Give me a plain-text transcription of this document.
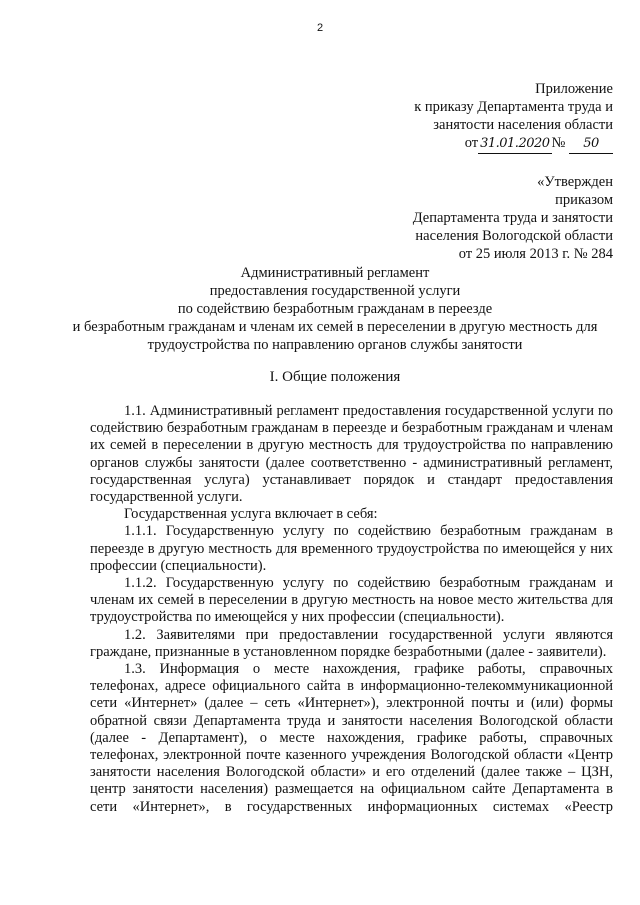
2
Приложение
к приказу Департамента труда и
занятости населения области
от 31.01.2020 № 50
«Утвержден
приказом
Департамента труда и занятости
населения Вологодской области
от 25 июля 2013 г. № 284
Административный регламент
предоставления государственной услуги
по содействию безработным гражданам в переезде
и безработным гражданам и членам их семей в переселении в другую местность для
трудоустройства по направлению органов службы занятости
I. Общие положения

1.1. Административный регламент предоставления государственной услуги по содействию безработным гражданам в переезде и безработным гражданам и членам их семей в переселении в другую местность для трудоустройства по направлению органов службы занятости (далее соответственно - административный регламент, государственная услуга) устанавливает порядок и стандарт предоставления государственной услуги.

Государственная услуга включает в себя:

1.1.1. Государственную услугу по содействию безработным гражданам в переезде в другую местность для временного трудоустройства по имеющейся у них профессии (специальности).

1.1.2. Государственную услугу по содействию безработным гражданам и членам их семей в переселении в другую местность на новое место жительства для трудоустройства по имеющейся у них профессии (специальности).

1.2. Заявителями при предоставлении государственной услуги являются граждане, признанные в установленном порядке безработными (далее - заявители).

1.3. Информация о месте нахождения, графике работы, справочных телефонах, адресе официального сайта в информационно-телекоммуникационной сети «Интернет» (далее – сеть «Интернет»), электронной почты и (или) формы обратной связи Департамента труда и занятости населения Вологодской области (далее - Департамент), о месте нахождения, графике работы, справочных телефонах, электронной почте казенного учреждения Вологодской области «Центр занятости населения Вологодской области» и его отделений (далее также – ЦЗН, центр занятости населения) размещается на официальном сайте Департамента в сети «Интернет», в государственных информационных системах «Реестр
